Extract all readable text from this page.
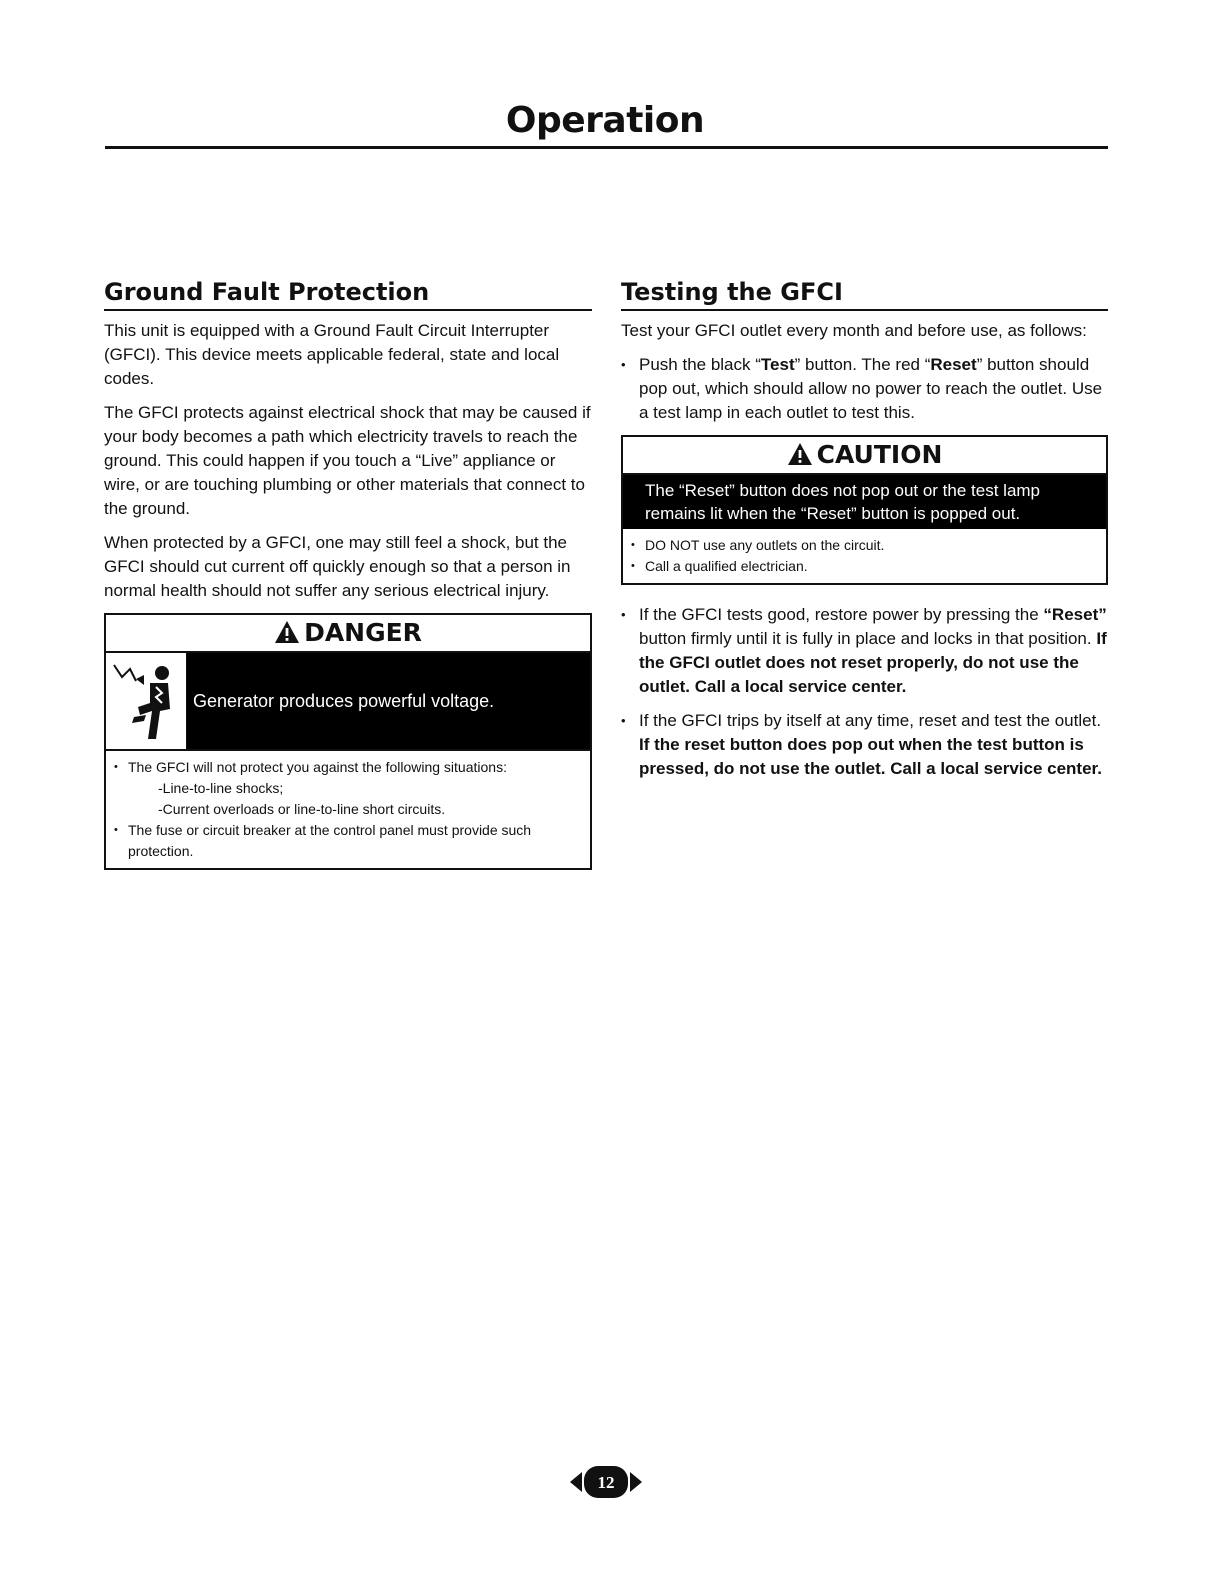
Operation
Ground Fault Protection

This unit is equipped with a Ground Fault Circuit Interrupter (GFCI). This device meets applicable federal, state and local codes.

The GFCI protects against electrical shock that may be caused if your body becomes a path which electricity travels to reach the ground. This could happen if you touch a “Live” appliance or wire, or are touching plumbing or other materials that connect to the ground.

When protected by a GFCI, one may still feel a shock, but the GFCI should cut current off quickly enough so that a person in normal health should not suffer any serious electrical injury.

DANGER
Generator produces powerful voltage.
• The GFCI will not protect you against the following situations:
-Line-to-line shocks;
-Current overloads or line-to-line short circuits.
• The fuse or circuit breaker at the control panel must provide such protection.
Testing the GFCI

Test your GFCI outlet every month and before use, as follows:

• Push the black “Test” button. The red “Reset” button should pop out, which should allow no power to reach the outlet. Use a test lamp in each outlet to test this.
CAUTION
The “Reset” button does not pop out or the test lamp remains lit when the “Reset” button is popped out.
• DO NOT use any outlets on the circuit.
• Call a qualified electrician.
• If the GFCI tests good, restore power by pressing the “Reset” button firmly until it is fully in place and locks in that position. If the GFCI outlet does not reset properly, do not use the outlet. Call a local service center.
• If the GFCI trips by itself at any time, reset and test the outlet. If the reset button does pop out when the test button is pressed, do not use the outlet. Call a local service center.
12
